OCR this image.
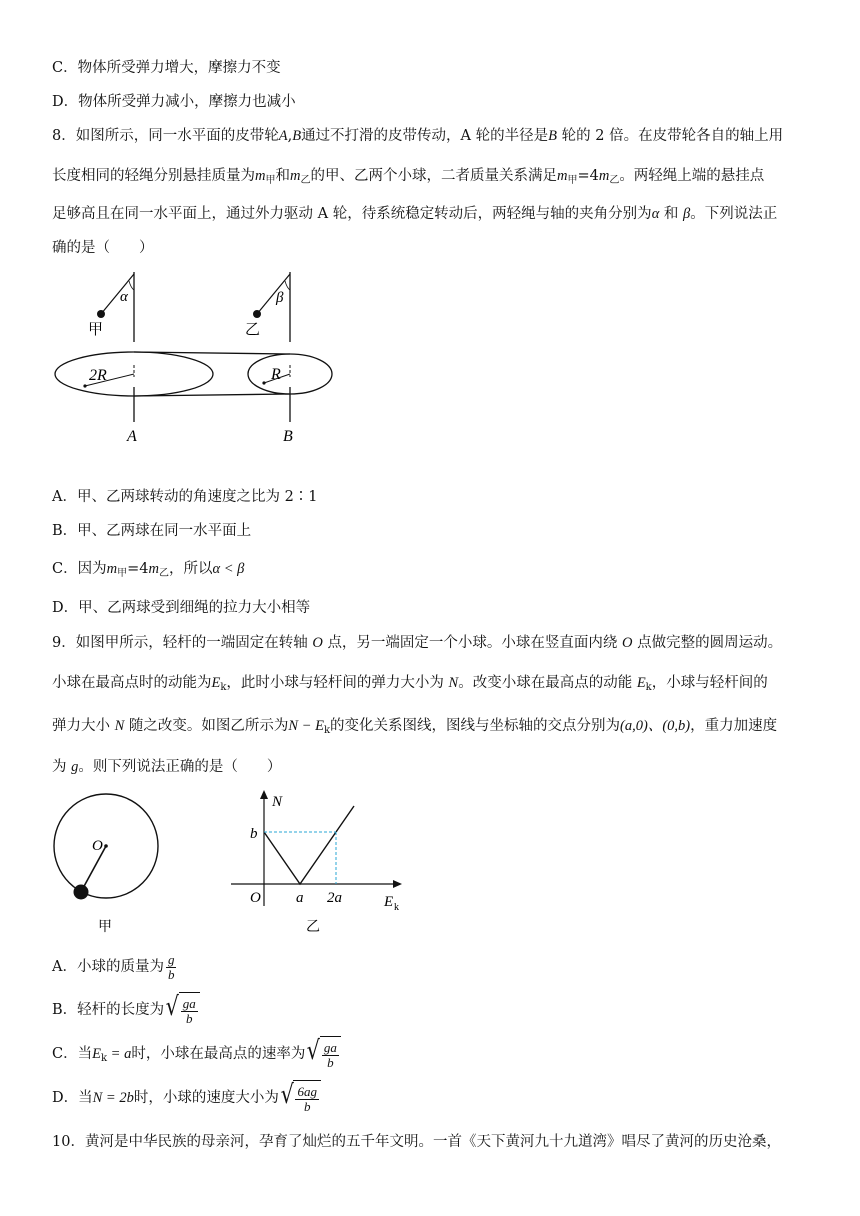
C．物体所受弹力增大，摩擦力不变
D．物体所受弹力减小，摩擦力也减小
8．如图所示，同一水平面的皮带轮A,B通过不打滑的皮带传动，A 轮的半径是B 轮的 2 倍。在皮带轮各自的轴上用
长度相同的轻绳分别悬挂质量为$m_甲$和$m_乙$的甲、乙两个小球，二者质量关系满足$m_甲=4m_乙$。两轻绳上端的悬挂点
足够高且在同一水平面上，通过外力驱动 A 轮，待系统稳定转动后，两轻绳与轴的夹角分别为α 和 β。下列说法正
确的是（　　）
α
甲
β
乙
2R	R
A	B
A．甲、乙两球转动的角速度之比为 2∶1
B．甲、乙两球在同一水平面上
C．因为$m_甲=4m_乙$，所以α < β
D．甲、乙两球受到细绳的拉力大小相等
9．如图甲所示，轻杆的一端固定在转轴 O 点，另一端固定一个小球。小球在竖直面内绕 O 点做完整的圆周运动。
小球在最高点时的动能为$E_k$，此时小球与轻杆间的弹力大小为 N。改变小球在最高点的动能 $E_k$，小球与轻杆间的
弹力大小 N 随之改变。如图乙所示为$N - E_k$的变化关系图线，图线与坐标轴的交点分别为(a,0)、(0,b)，重力加速度
为 g。则下列说法正确的是（　　）
O
甲
N
b
O a 2a	E k
乙
A．小球的质量为 $\frac{g}{b}$
B．轻杆的长度为 √ $\frac{ga}{b}$
C．当$E_k = a$时，小球在最高点的速率为 √ $\frac{ga}{b}$
D．当N = 2b时，小球的速度大小为 √ $\frac{6ag}{b}$
10．黄河是中华民族的母亲河，孕育了灿烂的五千年文明。一首《天下黄河九十九道湾》唱尽了黄河的历史沧桑，
